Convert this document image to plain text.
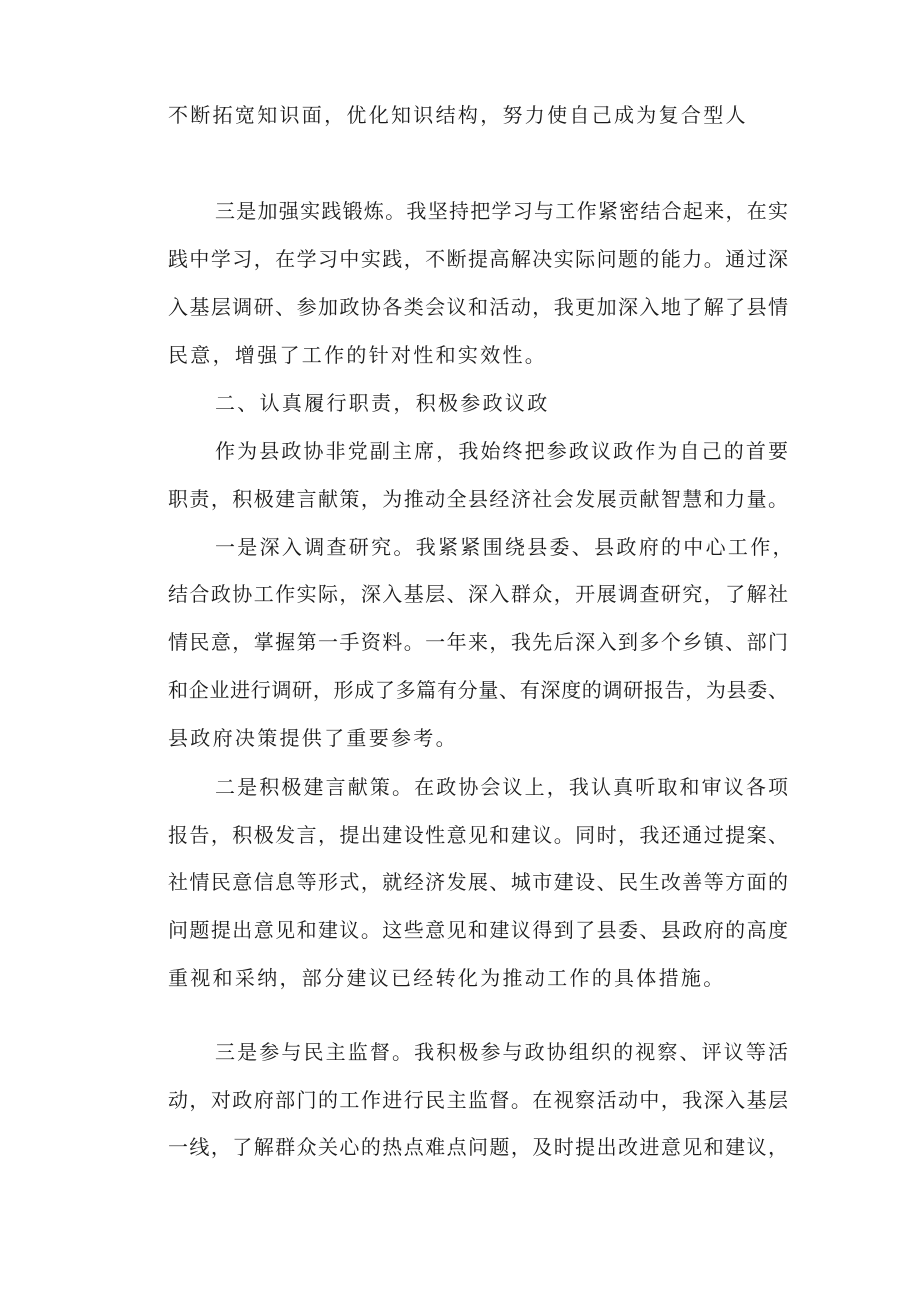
不断拓宽知识面，优化知识结构，努力使自己成为复合型人
三是加强实践锻炼。我坚持把学习与工作紧密结合起来，在实
践中学习，在学习中实践，不断提高解决实际问题的能力。通过深
入基层调研、参加政协各类会议和活动，我更加深入地了解了县情
民意，增强了工作的针对性和实效性。
二、认真履行职责，积极参政议政
作为县政协非党副主席，我始终把参政议政作为自己的首要
职责，积极建言献策，为推动全县经济社会发展贡献智慧和力量。
一是深入调查研究。我紧紧围绕县委、县政府的中心工作，
结合政协工作实际，深入基层、深入群众，开展调查研究，了解社
情民意，掌握第一手资料。一年来，我先后深入到多个乡镇、部门
和企业进行调研，形成了多篇有分量、有深度的调研报告，为县委、
县政府决策提供了重要参考。
二是积极建言献策。在政协会议上，我认真听取和审议各项
报告，积极发言，提出建设性意见和建议。同时，我还通过提案、
社情民意信息等形式，就经济发展、城市建设、民生改善等方面的
问题提出意见和建议。这些意见和建议得到了县委、县政府的高度
重视和采纳，部分建议已经转化为推动工作的具体措施。
三是参与民主监督。我积极参与政协组织的视察、评议等活
动，对政府部门的工作进行民主监督。在视察活动中，我深入基层
一线，了解群众关心的热点难点问题，及时提出改进意见和建议，
